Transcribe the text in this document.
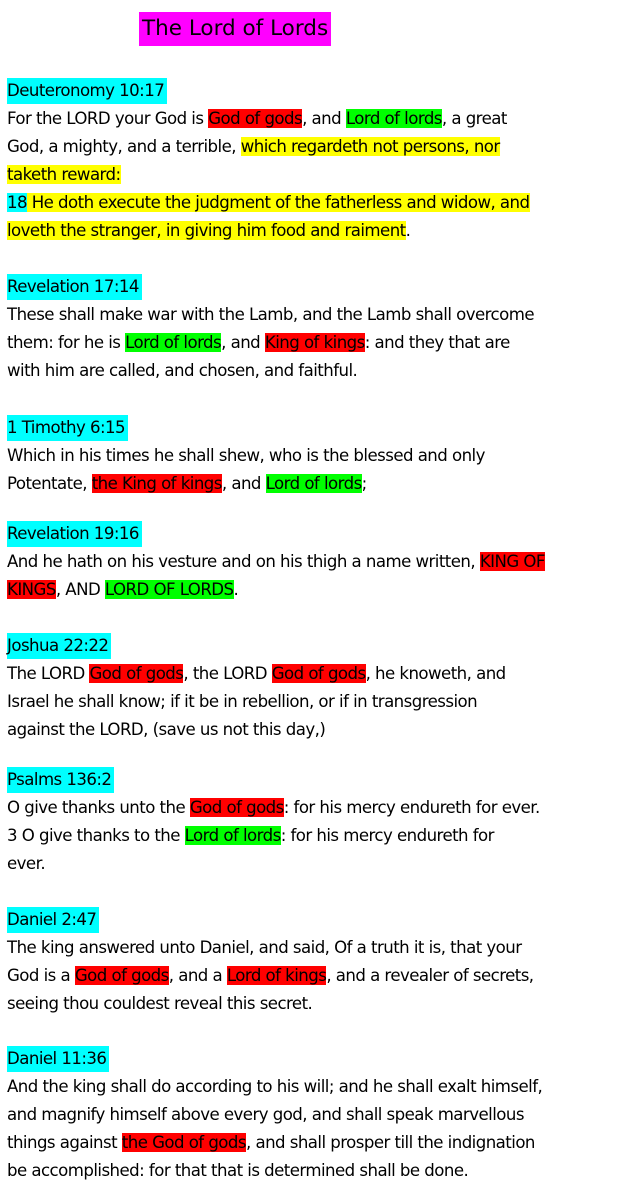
The Lord of Lords
Deuteronomy 10:17
For the LORD your God is God of gods, and Lord of lords, a great
God, a mighty, and a terrible, which regardeth not persons, nor
taketh reward:
18 He doth execute the judgment of the fatherless and widow, and
loveth the stranger, in giving him food and raiment.
Revelation 17:14
These shall make war with the Lamb, and the Lamb shall overcome
them: for he is Lord of lords, and King of kings: and they that are
with him are called, and chosen, and faithful.
1 Timothy 6:15
Which in his times he shall shew, who is the blessed and only
Potentate, the King of kings, and Lord of lords;
Revelation 19:16
And he hath on his vesture and on his thigh a name written, KING OF
KINGS, AND LORD OF LORDS.
Joshua 22:22
The LORD God of gods, the LORD God of gods, he knoweth, and
Israel he shall know; if it be in rebellion, or if in transgression
against the LORD, (save us not this day,)
Psalms 136:2
O give thanks unto the God of gods: for his mercy endureth for ever.
3 O give thanks to the Lord of lords: for his mercy endureth for
ever.
Daniel 2:47
The king answered unto Daniel, and said, Of a truth it is, that your
God is a God of gods, and a Lord of kings, and a revealer of secrets,
seeing thou couldest reveal this secret.
Daniel 11:36
And the king shall do according to his will; and he shall exalt himself,
and magnify himself above every god, and shall speak marvellous
things against the God of gods, and shall prosper till the indignation
be accomplished: for that that is determined shall be done.
